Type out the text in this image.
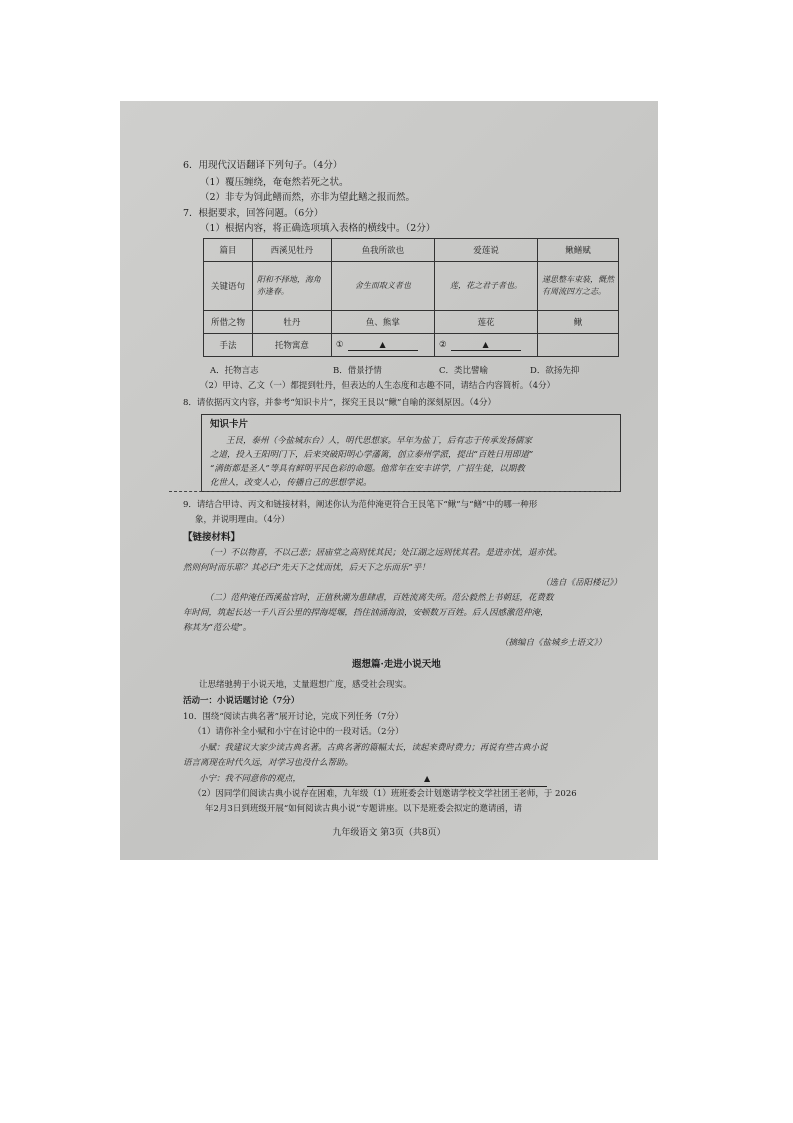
6．用现代汉语翻译下列句子。（4分）
（1）覆压缠绕，奄奄然若死之状。
（2）非专为饲此鳝而然，亦非为望此鳝之报而然。
7．根据要求，回答问题。（6分）
（1）根据内容，将正确选项填入表格的横线中。（2分）
篇目	西溪见牡丹	鱼我所欲也	爱莲说	鳅鳝赋
关键语句	阳和不择地，海角亦逢春。	舍生而取义者也	莲，花之君子者也。	递思整车束装，慨然有周流四方之志。
所借之物	牡丹	鱼、熊掌	莲花	鳅
手法	托物寓意	① ▲	② ▲	
A．托物言志	B．借景抒情	C．类比譬喻	D．欲扬先抑
（2）甲诗、乙文（一）都提到牡丹，但表达的人生态度和志趣不同，请结合内容简析。（4分）
8．请依据丙文内容，并参考“知识卡片”，探究王艮以“鳅”自喻的深刻原因。（4分）
知识卡片
王艮，泰州（今盐城东台）人，明代思想家。早年为盐丁，后有志于传承发扬儒家
之道，投入王阳明门下，后来突破阳明心学藩篱，创立泰州学派，提出“百姓日用即道”
“满街都是圣人”等具有鲜明平民色彩的命题。他常年在安丰讲学，广招生徒，以期教
化世人，改变人心，传播自己的思想学说。
9．请结合甲诗、丙文和链接材料，阐述你认为范仲淹更符合王艮笔下“鳅”与“鳝”中的哪一种形
象，并说明理由。（4分）
【链接材料】
（一）不以物喜，不以己悲；居庙堂之高则忧其民；处江湖之远则忧其君。是进亦忧，退亦忧。
然则何时而乐耶？其必曰“先天下之忧而忧，后天下之乐而乐”乎！
（选自《岳阳楼记》）
（二）范仲淹任西溪盐官时，正值秋潮为患肆虐，百姓流离失所。范公毅然上书朝廷，花费数
年时间，筑起长达一千八百公里的捍海堤堰，挡住汹涌海浪，安顿数万百姓。后人因感激范仲淹，
称其为“范公堤”。
（摘编自《盐城乡土语文》）
遐想篇·走进小说天地
让思绪驰骋于小说天地，丈量遐想广度，感受社会现实。
活动一：小说话题讨论（7分）
10．围绕“阅读古典名著”展开讨论，完成下列任务（7分）
（1）请你补全小赋和小宁在讨论中的一段对话。（2分）
小赋：我建议大家少读古典名著。古典名著的篇幅太长，读起来费时费力；再说有些古典小说
语言离现在时代久远，对学习也没什么帮助。
小宁：我不同意你的观点，	▲
（2）因同学们阅读古典小说存在困难，九年级（1）班班委会计划邀请学校文学社团王老师，于 2026
年2月3日到班级开展“如何阅读古典小说”专题讲座。以下是班委会拟定的邀请函，请
九年级语文 第3页（共8页）
